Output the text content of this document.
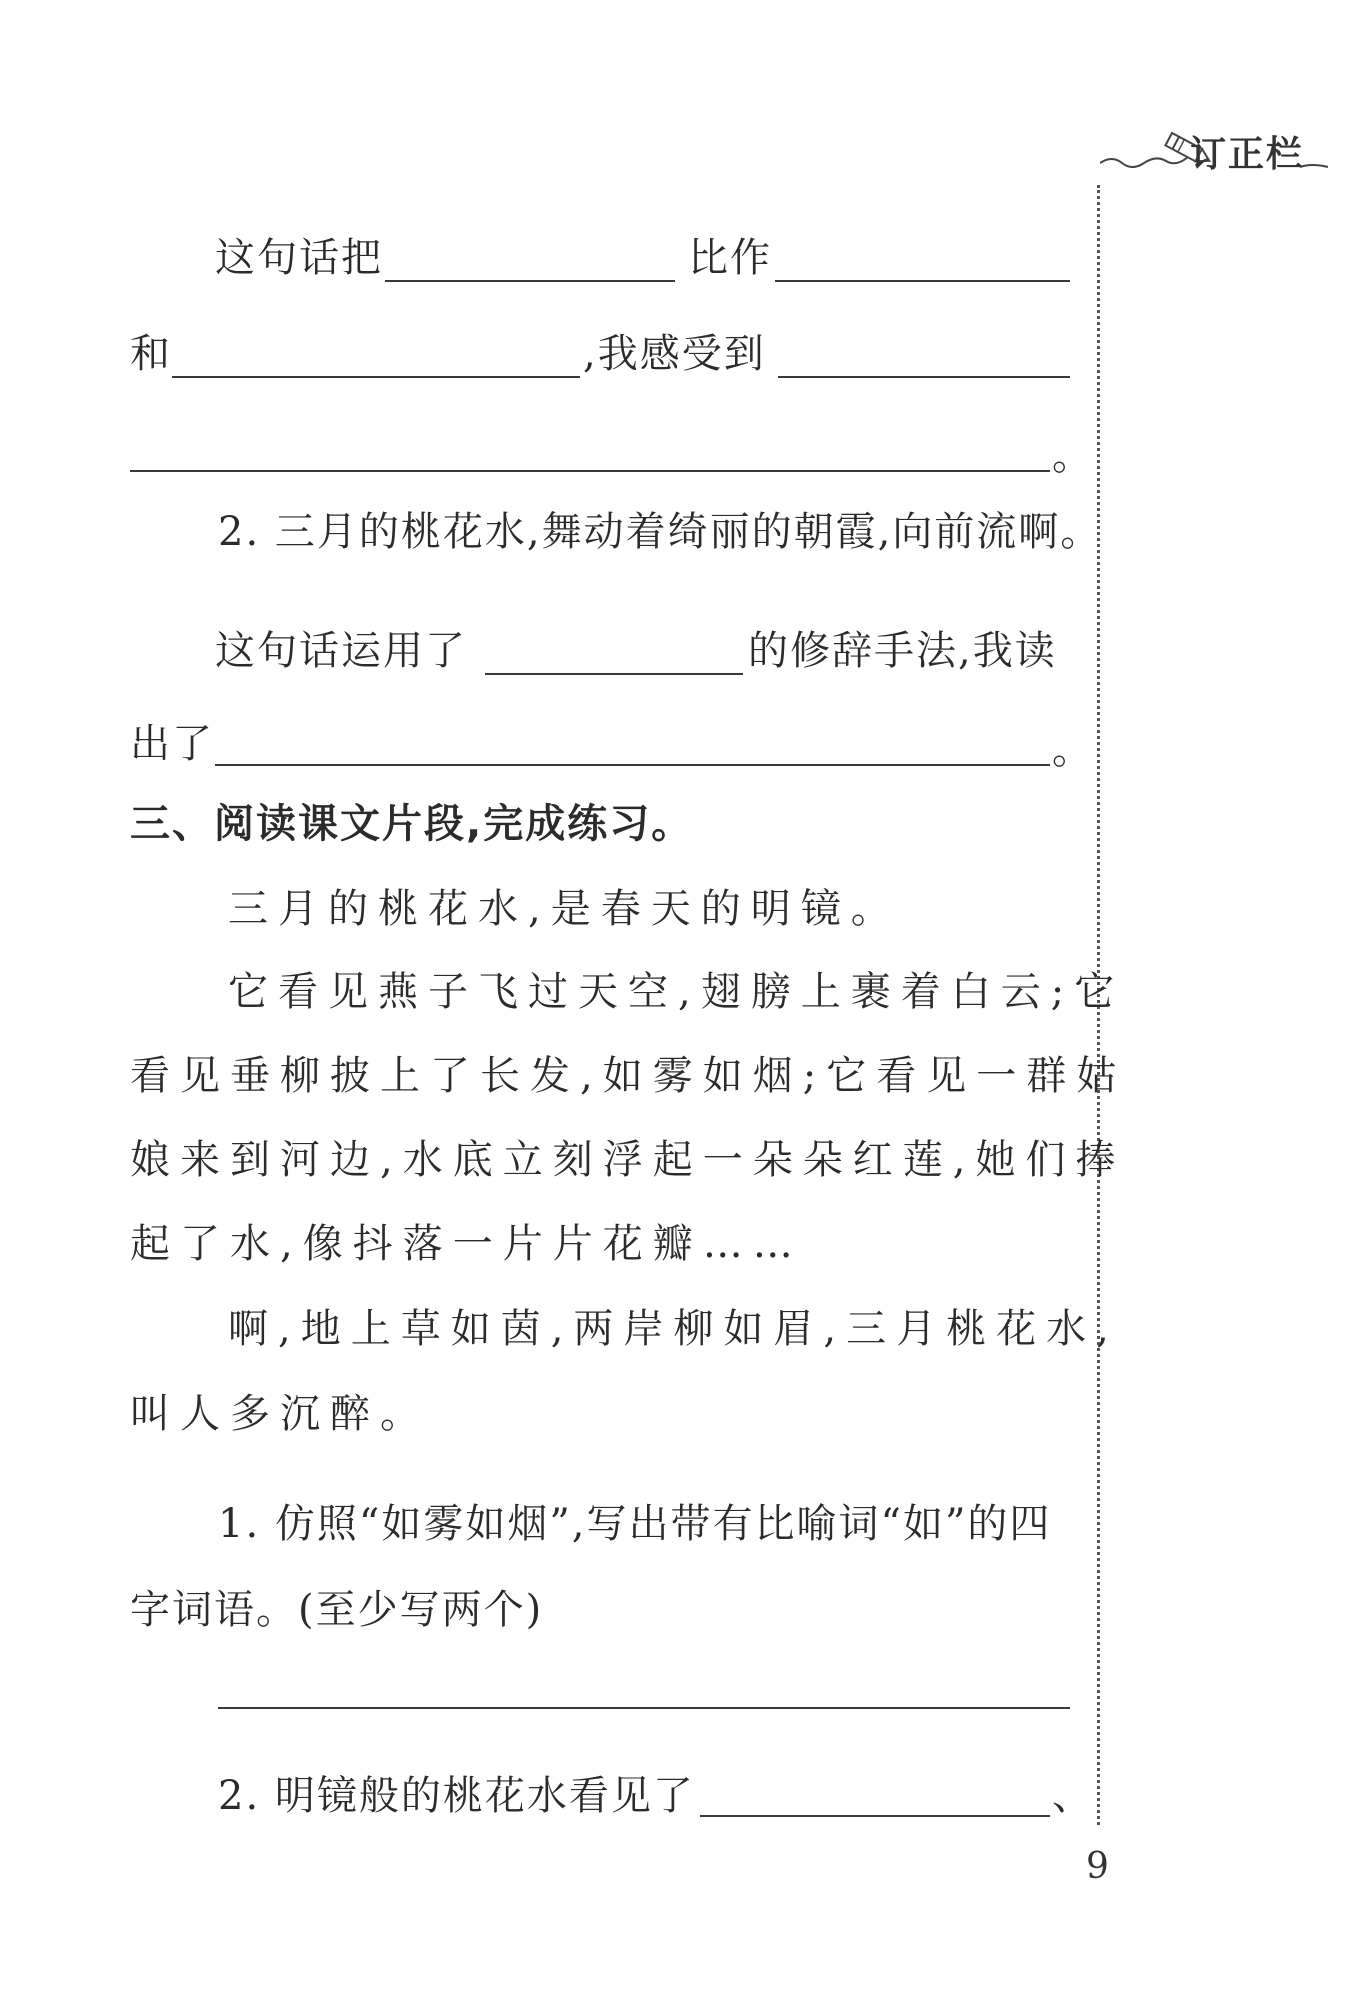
订正栏
这句话把	比作
和	,我感受到
。
2. 三月的桃花水,舞动着绮丽的朝霞,向前流啊。
这句话运用了	的修辞手法,我读
出了	。
三、阅读课文片段,完成练习。
三月的桃花水,是春天的明镜。
它看见燕子飞过天空,翅膀上裹着白云;它
看见垂柳披上了长发,如雾如烟;它看见一群姑
娘来到河边,水底立刻浮起一朵朵红莲,她们捧
起了水,像抖落一片片花瓣……
啊,地上草如茵,两岸柳如眉,三月桃花水,
叫人多沉醉。
1. 仿照“如雾如烟”,写出带有比喻词“如”的四
字词语。(至少写两个)
2. 明镜般的桃花水看见了	、
9
